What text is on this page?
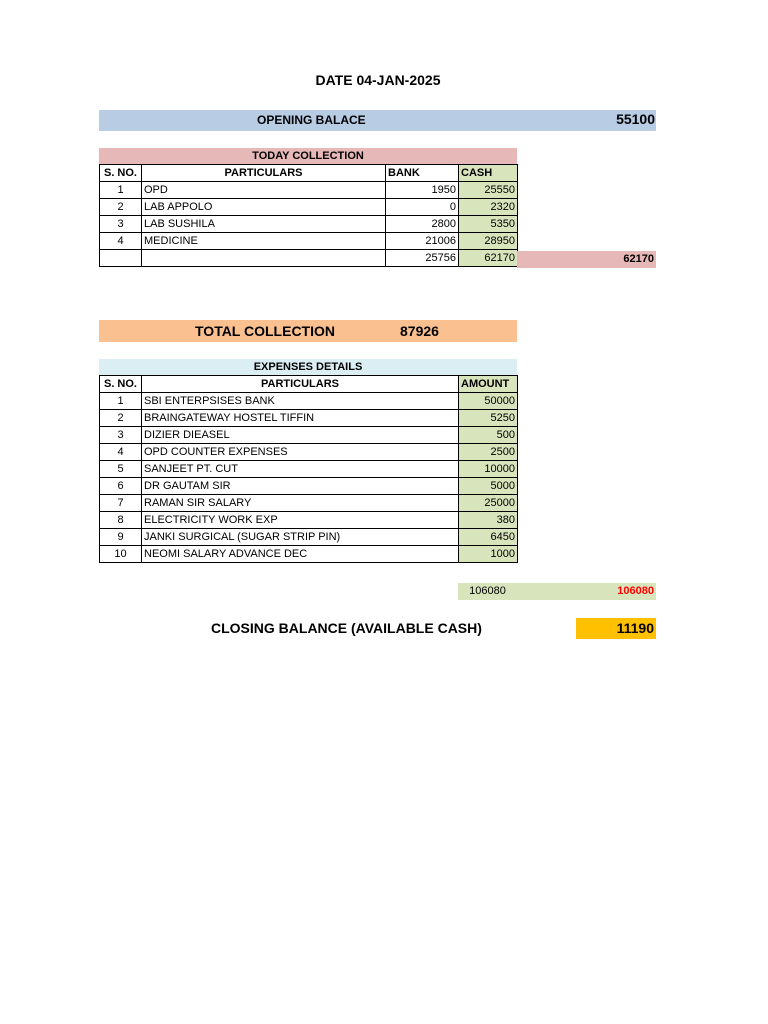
DATE 04-JAN-2025
OPENING BALACE	55100
TODAY COLLECTION
S. NO.	PARTICULARS	BANK	CASH
1	OPD	1950	25550
2	LAB APPOLO	0	2320
3	LAB SUSHILA	2800	5350
4	MEDICINE	21006	28950
		25756	62170	62170
TOTAL COLLECTION	87926
EXPENSES DETAILS
S. NO.	PARTICULARS	AMOUNT
1	SBI ENTERPSISES BANK	50000
2	BRAINGATEWAY HOSTEL TIFFIN	5250
3	DIZIER DIEASEL	500
4	OPD COUNTER EXPENSES	2500
5	SANJEET PT. CUT	10000
6	DR GAUTAM SIR	5000
7	RAMAN SIR SALARY	25000
8	ELECTRICITY WORK EXP	380
9	JANKI SURGICAL (SUGAR STRIP PIN)	6450
10	NEOMI SALARY ADVANCE DEC	1000
106080	106080
CLOSING BALANCE (AVAILABLE CASH)	11190
